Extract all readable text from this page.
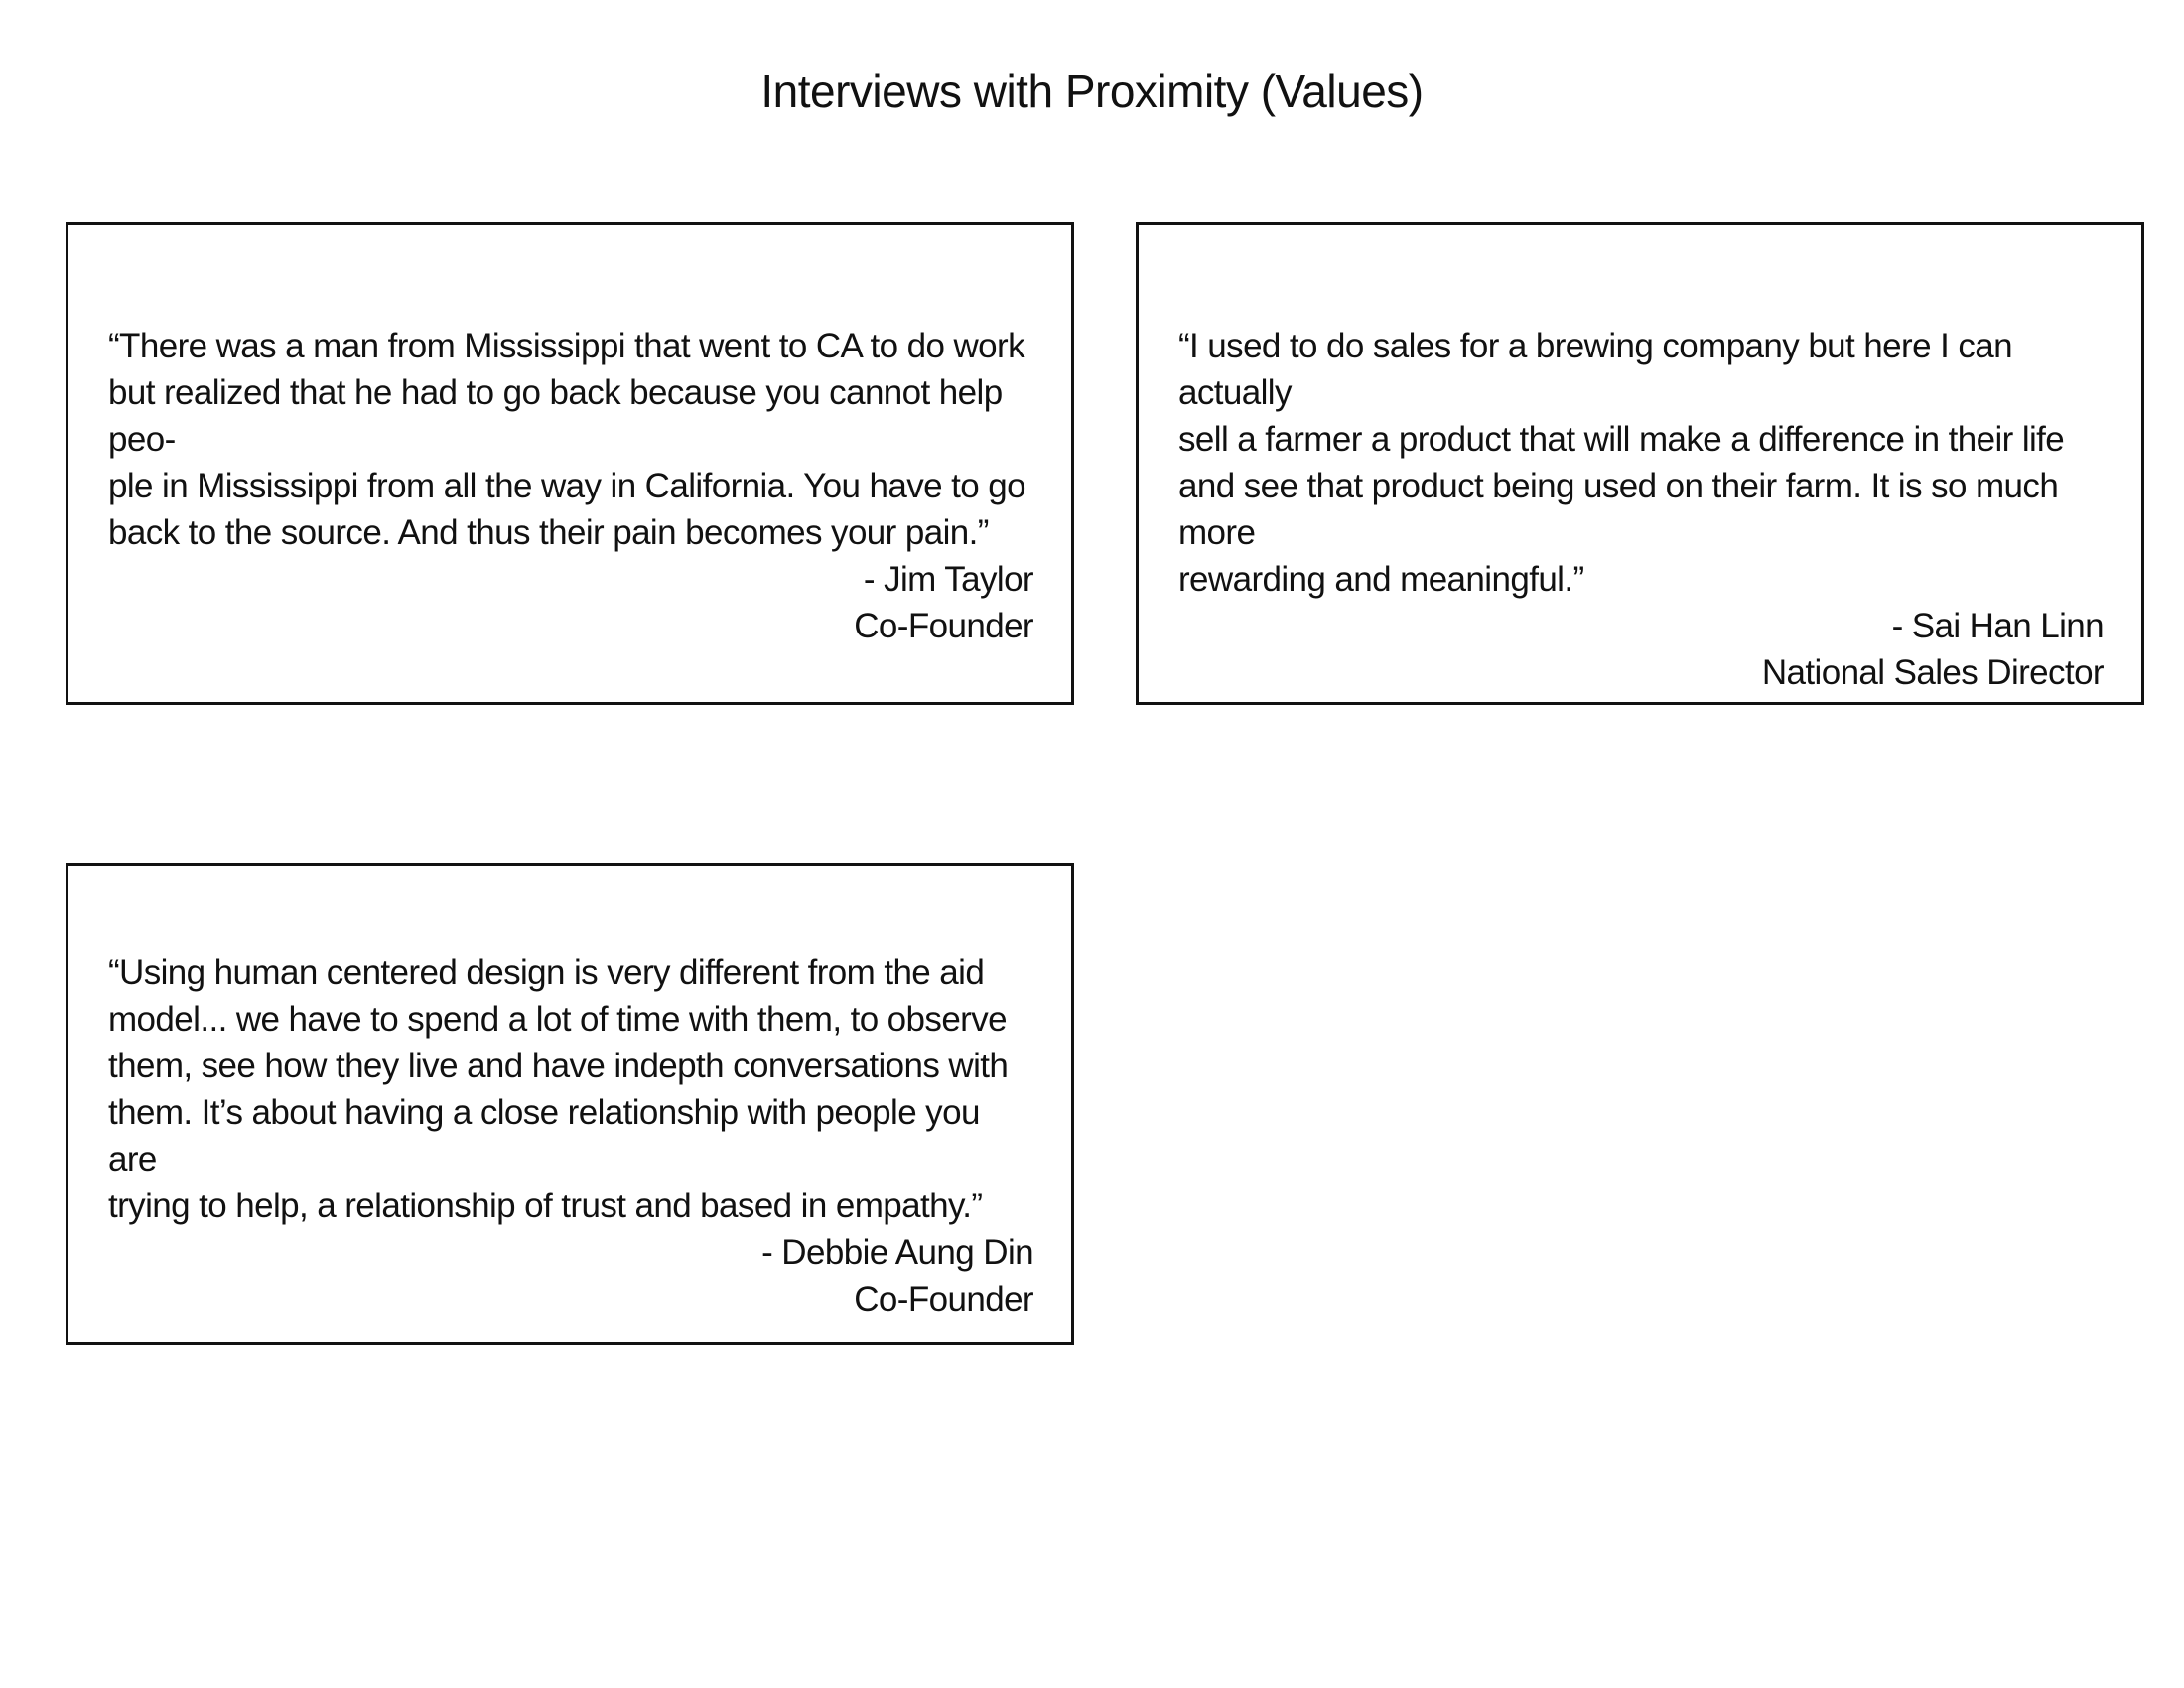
Interviews with Proximity (Values)

“There was a man from Mississippi that went to CA to do work
but realized that he had to go back because you cannot help peo-
ple in Mississippi from all the way in California. You have to go
back to the source. And thus their pain becomes your pain.”

- Jim Taylor
Co-Founder

“I used to do sales for a brewing company but here I can actually
sell a farmer a product that will make a difference in their life
and see that product being used on their farm. It is so much more
rewarding and meaningful.”

- Sai Han Linn
National Sales Director

“Using human centered design is very different from the aid
model... we have to spend a lot of time with them, to observe
them, see how they live and have indepth conversations with
them. It’s about having a close relationship with people you are
trying to help, a relationship of trust and based in empathy.”

- Debbie Aung Din
Co-Founder
